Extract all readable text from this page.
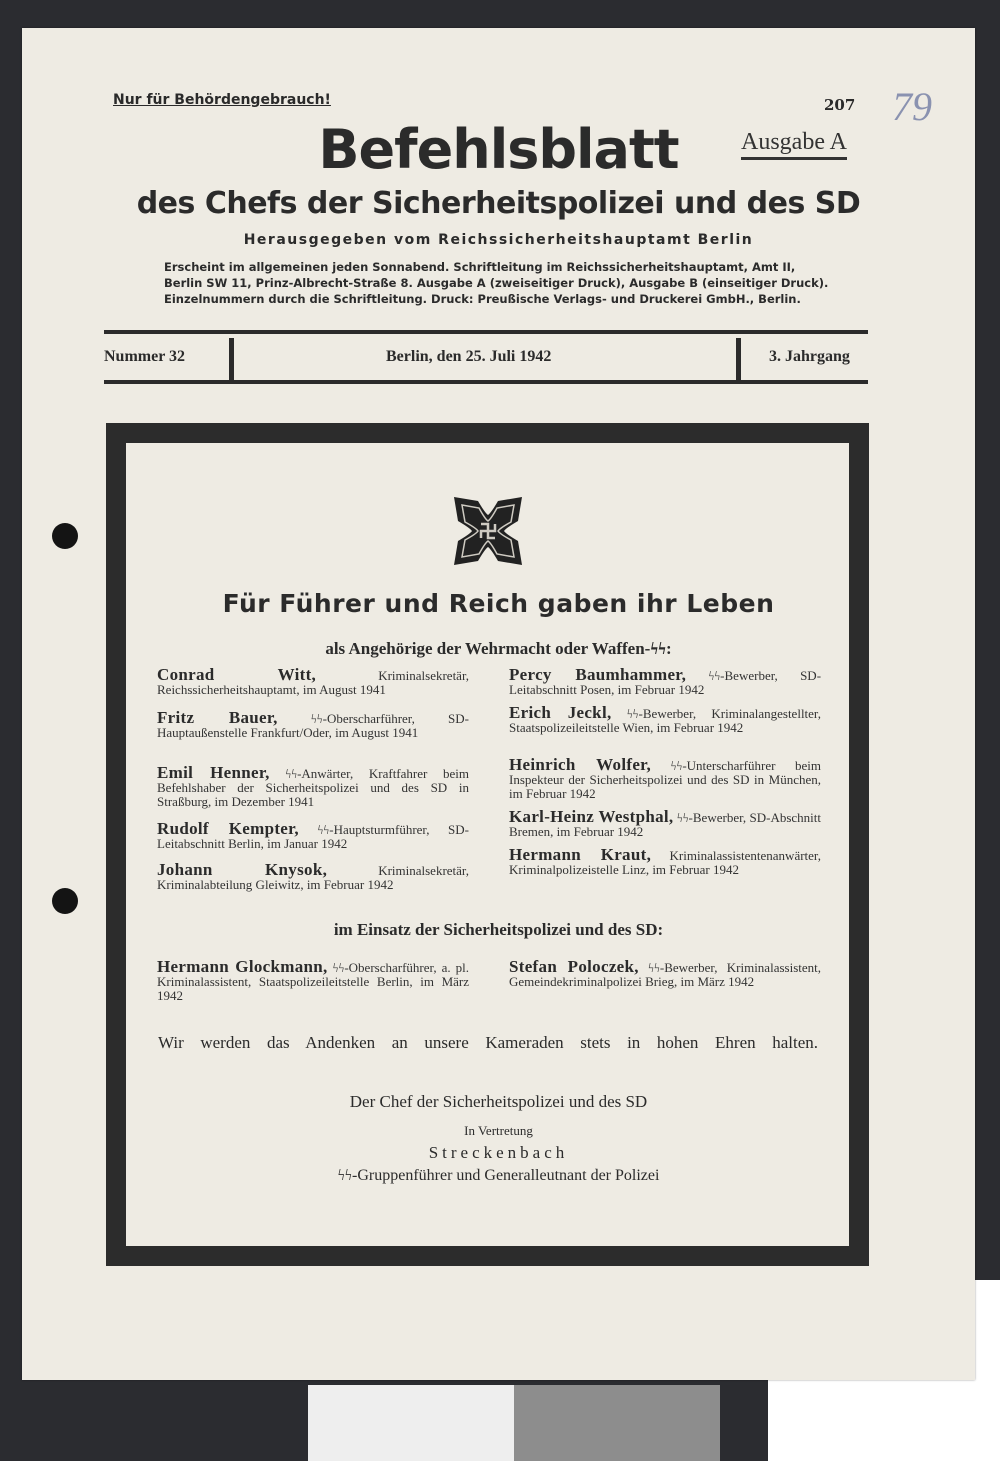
Nur für Behördengebrauch!	207 79
Befehlsblatt	Ausgabe A
des Chefs der Sicherheitspolizei und des SD
Herausgegeben vom Reichssicherheitshauptamt Berlin
Erscheint im allgemeinen jeden Sonnabend. Schriftleitung im Reichssicherheitshauptamt, Amt II,
Berlin SW 11, Prinz-Albrecht-Straße 8. Ausgabe A (zweiseitiger Druck), Ausgabe B (einseitiger Druck).
Einzelnummern durch die Schriftleitung. Druck: Preußische Verlags- und Druckerei GmbH., Berlin.
Nummer 32	Berlin, den 25. Juli 1942	3. Jahrgang
Für Führer und Reich gaben ihr Leben
als Angehörige der Wehrmacht oder Waffen-ϟϟ:
Conrad Witt,	Kriminalsekretär, Reichssicherheitshauptamt, im August 1941
Fritz Bauer,	ϟϟ-Oberscharführer, SD-Hauptaußenstelle Frankfurt/Oder, im August 1941
Emil Henner, ϟϟ-Anwärter, Kraftfahrer beim Befehlshaber der Sicherheitspolizei und des SD in Straßburg, im Dezember 1941
Rudolf Kempter, ϟϟ-Hauptsturmführer, SD-Leitabschnitt Berlin, im Januar 1942
Johann Knysok,	Kriminalsekretär, Kriminalabteilung Gleiwitz, im Februar 1942
Percy Baumhammer, ϟϟ-Bewerber, SD-Leitabschnitt Posen, im Februar 1942
Erich Jeckl, ϟϟ-Bewerber, Kriminalangestellter, Staatspolizeileitstelle Wien, im Februar 1942
Heinrich Wolfer, ϟϟ-Unterscharführer beim Inspekteur der Sicherheitspolizei und des SD in München, im Februar 1942
Karl-Heinz Westphal, ϟϟ-Bewerber, SD-Abschnitt Bremen, im Februar 1942
Hermann Kraut, Kriminalassistentenanwärter, Kriminalpolizeistelle Linz, im Februar 1942
im Einsatz der Sicherheitspolizei und des SD:
Hermann Glockmann, ϟϟ-Oberscharführer, a. pl. Kriminalassistent, Staatspolizeileitstelle Berlin, im März 1942
Stefan Poloczek, ϟϟ-Bewerber, Kriminalassistent, Gemeindekriminalpolizei Brieg, im März 1942
Wir werden das Andenken an unsere Kameraden stets in hohen Ehren halten.
Der Chef der Sicherheitspolizei und des SD
In Vertretung
Streckenbach
ϟϟ-Gruppenführer und Generalleutnant der Polizei
